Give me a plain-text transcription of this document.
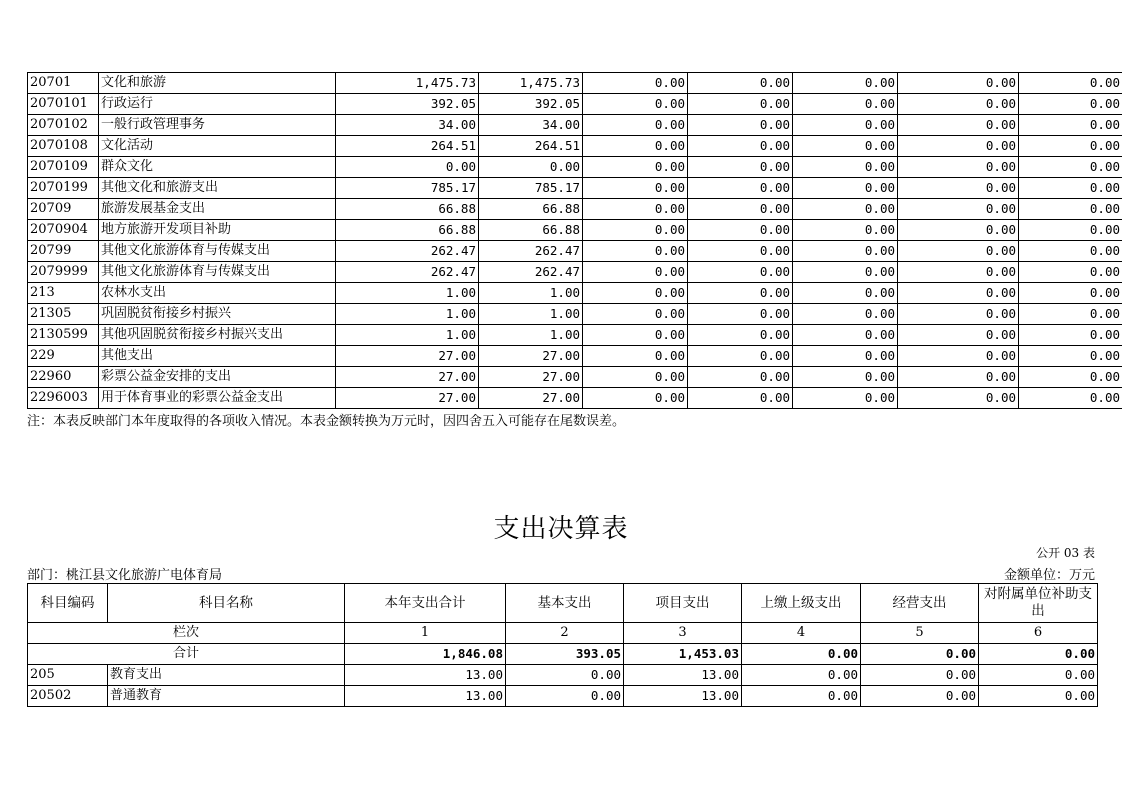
20701	文化和旅游	1,475.73	1,475.73	0.00	0.00	0.00	0.00	0.00
2070101	行政运行	392.05	392.05	0.00	0.00	0.00	0.00	0.00
2070102	一般行政管理事务	34.00	34.00	0.00	0.00	0.00	0.00	0.00
2070108	文化活动	264.51	264.51	0.00	0.00	0.00	0.00	0.00
2070109	群众文化	0.00	0.00	0.00	0.00	0.00	0.00	0.00
2070199	其他文化和旅游支出	785.17	785.17	0.00	0.00	0.00	0.00	0.00
20709	旅游发展基金支出	66.88	66.88	0.00	0.00	0.00	0.00	0.00
2070904	地方旅游开发项目补助	66.88	66.88	0.00	0.00	0.00	0.00	0.00
20799	其他文化旅游体育与传媒支出	262.47	262.47	0.00	0.00	0.00	0.00	0.00
2079999	其他文化旅游体育与传媒支出	262.47	262.47	0.00	0.00	0.00	0.00	0.00
213	农林水支出	1.00	1.00	0.00	0.00	0.00	0.00	0.00
21305	巩固脱贫衔接乡村振兴	1.00	1.00	0.00	0.00	0.00	0.00	0.00
2130599	其他巩固脱贫衔接乡村振兴支出	1.00	1.00	0.00	0.00	0.00	0.00	0.00
229	其他支出	27.00	27.00	0.00	0.00	0.00	0.00	0.00
22960	彩票公益金安排的支出	27.00	27.00	0.00	0.00	0.00	0.00	0.00
2296003	用于体育事业的彩票公益金支出	27.00	27.00	0.00	0.00	0.00	0.00	0.00
注：本表反映部门本年度取得的各项收入情况。本表金额转换为万元时，因四舍五入可能存在尾数误差。
支出决算表
公开 03 表
部门：桃江县文化旅游广电体育局	金额单位：万元
科目编码	科目名称	本年支出合计	基本支出	项目支出	上缴上级支出	经营支出	对附属单位补助支出
栏次		1	2	3	4	5	6
合计		1,846.08	393.05	1,453.03	0.00	0.00	0.00
205	教育支出	13.00	0.00	13.00	0.00	0.00	0.00
20502	普通教育	13.00	0.00	13.00	0.00	0.00	0.00
